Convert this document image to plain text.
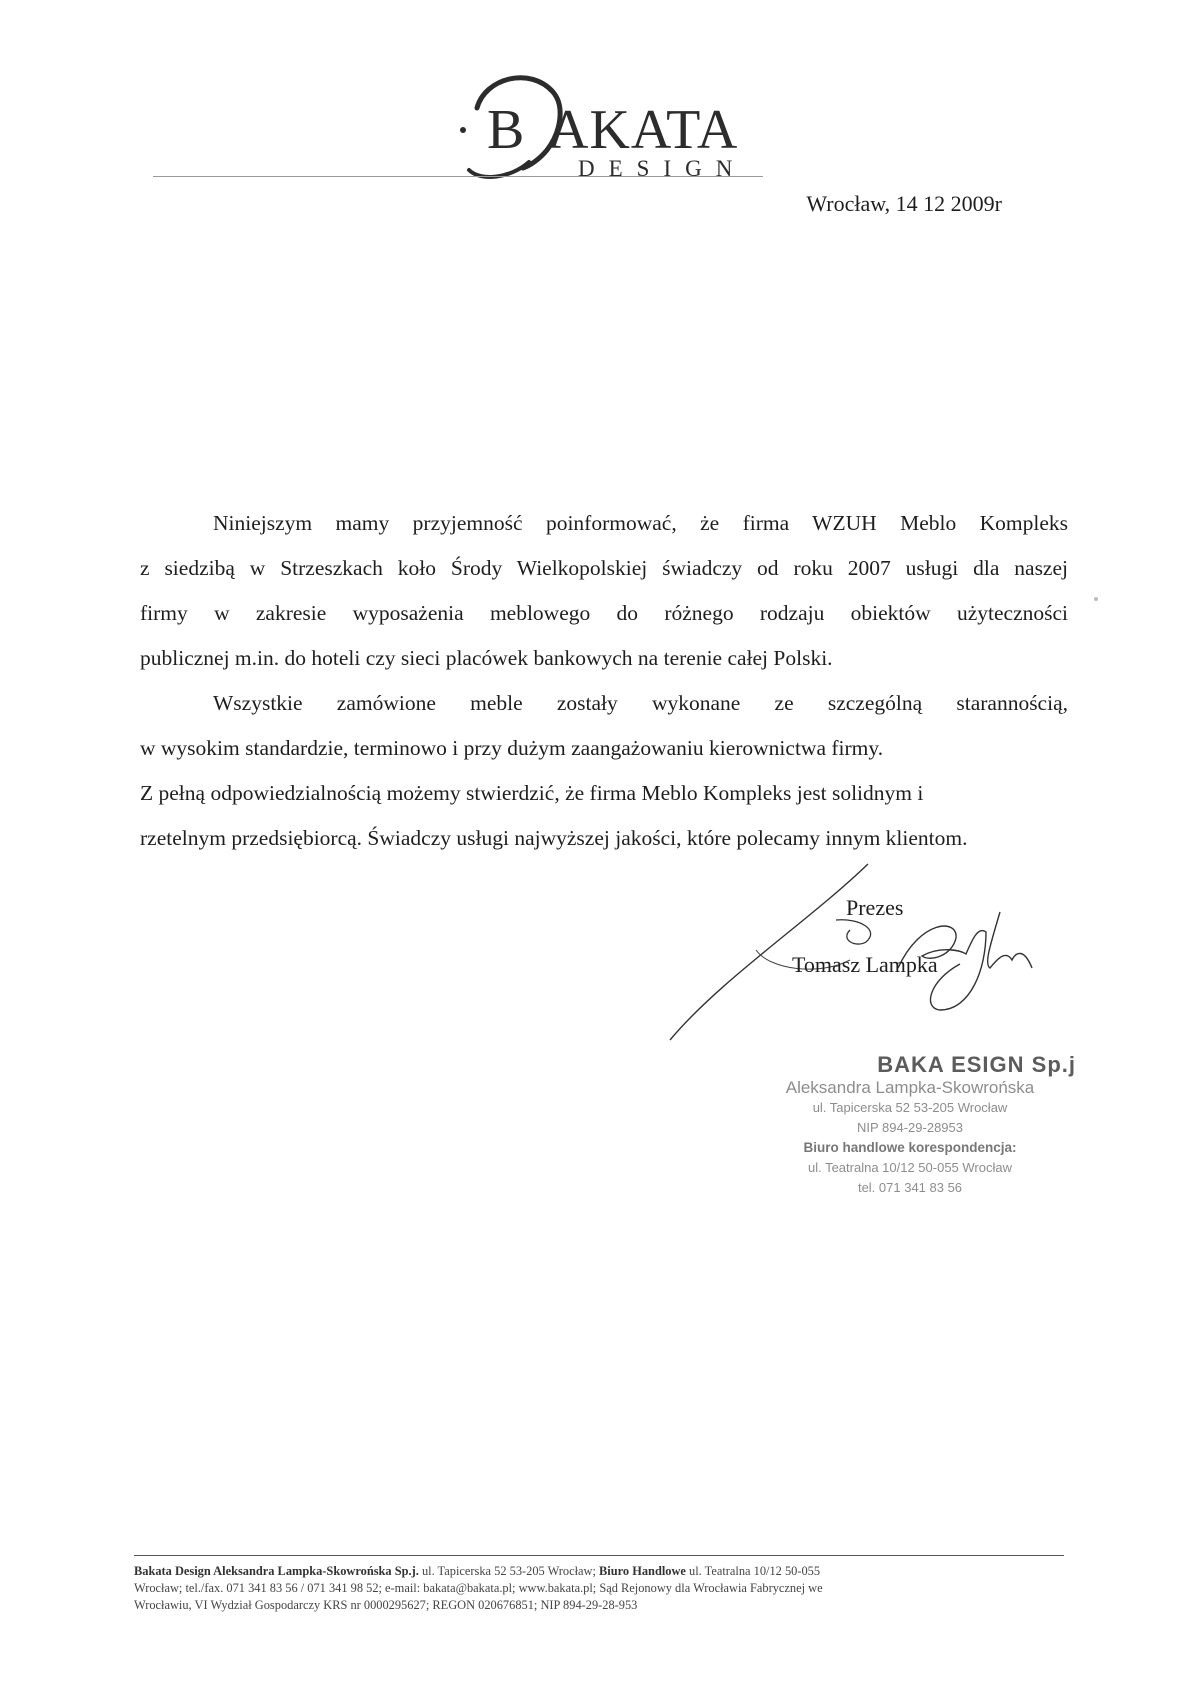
B AKATA
DESIGN
Wrocław, 14 12 2009r

Niniejszym mamy przyjemność poinformować, że firma WZUH Meblo Kompleks

z siedzibą w Strzeszkach koło Środy Wielkopolskiej świadczy od roku 2007 usługi dla naszej

firmy w zakresie wyposażenia meblowego do różnego rodzaju obiektów użyteczności

publicznej m.in. do hoteli czy sieci placówek bankowych na terenie całej Polski.

Wszystkie zamówione meble zostały wykonane ze szczególną starannością,

w wysokim standardzie, terminowo i przy dużym zaangażowaniu kierownictwa firmy.

Z pełną odpowiedzialnością możemy stwierdzić, że firma Meblo Kompleks jest solidnym i

rzetelnym przedsiębiorcą. Świadczy usługi najwyższej jakości, które polecamy innym klientom.

Prezes
Tomasz Lampka
BAKA ESIGN Sp.j
Aleksandra Lampka-Skowrońska
ul. Tapicerska 52 53-205 Wrocław
NIP 894-29-28953
Biuro handlowe korespondencja:
ul. Teatralna 10/12 50-055 Wrocław
tel. 071 341 83 56

Bakata Design Aleksandra Lampka-Skowrońska Sp.j. ul. Tapicerska 52 53-205 Wrocław; Biuro Handlowe ul. Teatralna 10/12 50-055

Wrocław; tel./fax. 071 341 83 56 / 071 341 98 52; e-mail: bakata@bakata.pl; www.bakata.pl; Sąd Rejonowy dla Wrocławia Fabrycznej we

Wrocławiu, VI Wydział Gospodarczy KRS nr 0000295627; REGON 020676851; NIP 894-29-28-953
